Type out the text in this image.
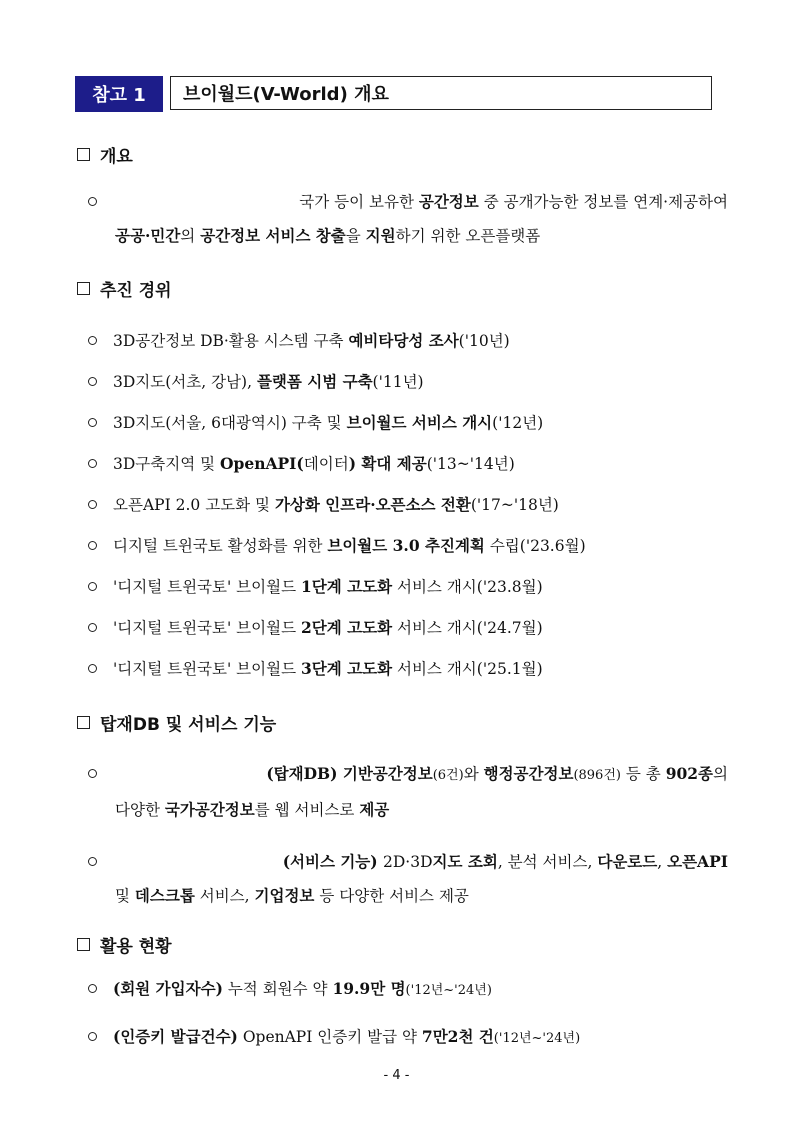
참고 1	브이월드(V-World) 개요
개요
국가 등이 보유한 공간정보 중 공개가능한 정보를 연계·제공하여
공공·민간의 공간정보 서비스 창출을 지원하기 위한 오픈플랫폼
추진 경위
3D공간정보 DB·활용 시스템 구축 예비타당성 조사('10년)
3D지도(서초, 강남), 플랫폼 시범 구축('11년)
3D지도(서울, 6대광역시) 구축 및 브이월드 서비스 개시('12년)
3D구축지역 및 OpenAPI(데이터) 확대 제공('13~'14년)
오픈API 2.0 고도화 및 가상화 인프라·오픈소스 전환('17~'18년)
디지털 트윈국토 활성화를 위한 브이월드 3.0 추진계획 수립('23.6월)
'디지털 트윈국토' 브이월드 1단계 고도화 서비스 개시('23.8월)
'디지털 트윈국토' 브이월드 2단계 고도화 서비스 개시('24.7월)
'디지털 트윈국토' 브이월드 3단계 고도화 서비스 개시('25.1월)
탑재DB 및 서비스 기능
(탑재DB) 기반공간정보(6건)와 행정공간정보(896건) 등 총 902종의
다양한 국가공간정보를 웹 서비스로 제공
(서비스 기능) 2D·3D지도 조회, 분석 서비스, 다운로드, 오픈API
및 데스크톱 서비스, 기업정보 등 다양한 서비스 제공
활용 현황
(회원 가입자수) 누적 회원수 약 19.9만 명('12년~'24년)
(인증키 발급건수) OpenAPI 인증키 발급 약 7만2천 건('12년~'24년)
- 4 -
